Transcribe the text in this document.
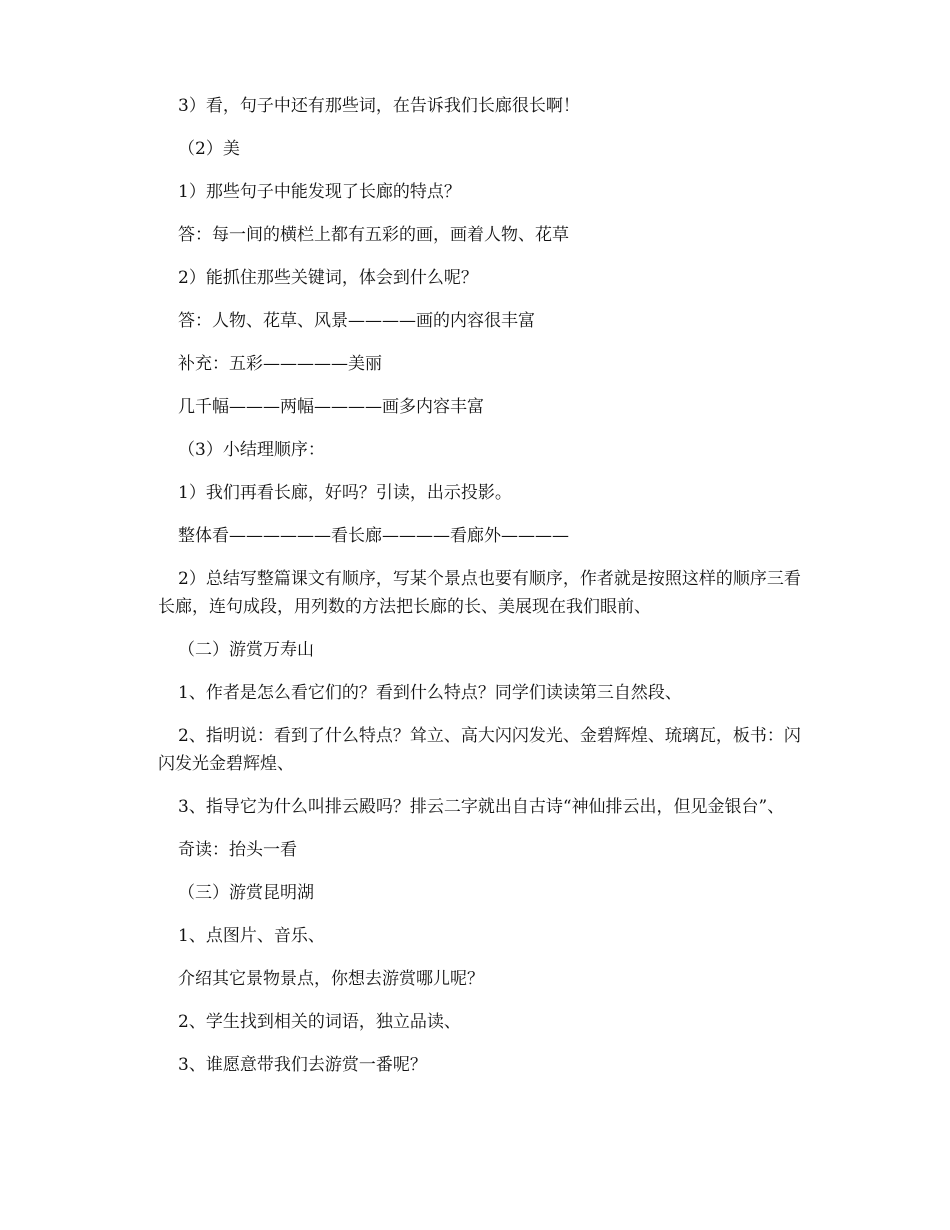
3）看，句子中还有那些词，在告诉我们长廊很长啊！
（2）美
1）那些句子中能发现了长廊的特点？
答：每一间的横栏上都有五彩的画，画着人物、花草
2）能抓住那些关键词，体会到什么呢？
答：人物、花草、风景————画的内容很丰富
补充：五彩—————美丽
几千幅———两幅————画多内容丰富
（3）小结理顺序：
1）我们再看长廊，好吗？引读，出示投影。
整体看——————看长廊————看廊外————
2）总结写整篇课文有顺序，写某个景点也要有顺序，作者就是按照这样的顺序三看长廊，连句成段，用列数的方法把长廊的长、美展现在我们眼前、
（二）游赏万寿山
1、作者是怎么看它们的？看到什么特点？同学们读读第三自然段、
2、指明说：看到了什么特点？耸立、高大闪闪发光、金碧辉煌、琉璃瓦，板书：闪闪发光金碧辉煌、
3、指导它为什么叫排云殿吗？排云二字就出自古诗“神仙排云出，但见金银台”、
奇读：抬头一看
（三）游赏昆明湖
1、点图片、音乐、
介绍其它景物景点，你想去游赏哪儿呢？
2、学生找到相关的词语，独立品读、
3、谁愿意带我们去游赏一番呢？
